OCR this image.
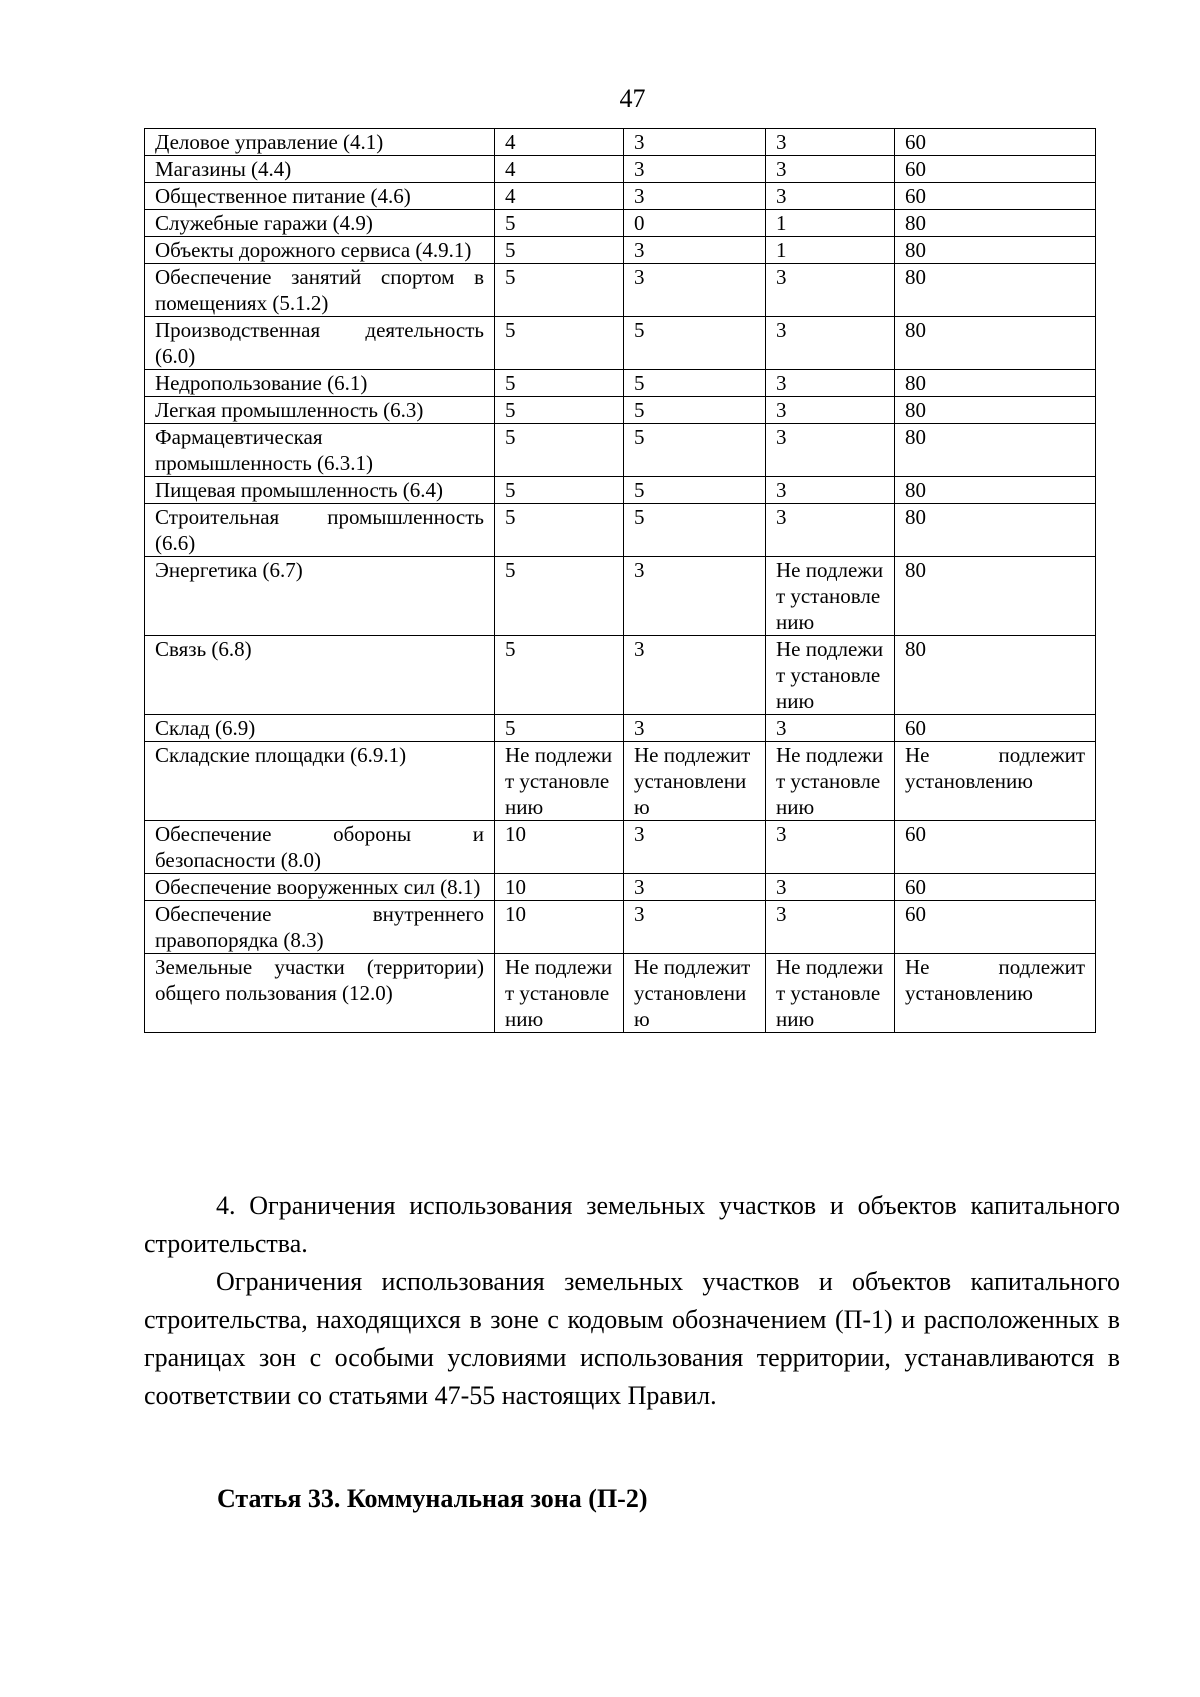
47
Деловое управление (4.1)	4	3	3	60
Магазины (4.4)	4	3	3	60
Общественное питание (4.6)	4	3	3	60
Служебные гаражи (4.9)	5	0	1	80
Объекты дорожного сервиса (4.9.1)	5	3	1	80
Обеспечение занятий спортом в помещениях (5.1.2)	5	3	3	80
Производственная деятельность (6.0)	5	5	3	80
Недропользование (6.1)	5	5	3	80
Легкая промышленность (6.3)	5	5	3	80
Фармацевтическая промышленность (6.3.1)	5	5	3	80
Пищевая промышленность (6.4)	5	5	3	80
Строительная промышленность (6.6)	5	5	3	80
Энергетика (6.7)	5	3	Не подлежит установлению	80
Связь (6.8)	5	3	Не подлежит установлению	80
Склад (6.9)	5	3	3	60
Складские площадки (6.9.1)	Не подлежит установлению	Не подлежит установлению	Не подлежит установлению	Не подлежит установлению
Обеспечение обороны и безопасности (8.0)	10	3	3	60
Обеспечение вооруженных сил (8.1)	10	3	3	60
Обеспечение внутреннего правопорядка (8.3)	10	3	3	60
Земельные участки (территории) общего пользования (12.0)	Не подлежит установлению	Не подлежит установлению	Не подлежит установлению	Не подлежит установлению

4. Ограничения использования земельных участков и объектов капитального строительства.

Ограничения использования земельных участков и объектов капитального строительства, находящихся в зоне с кодовым обозначением (П-1) и расположенных в границах зон с особыми условиями использования территории, устанавливаются в соответствии со статьями 47-55 настоящих Правил.

Статья 33. Коммунальная зона (П-2)
